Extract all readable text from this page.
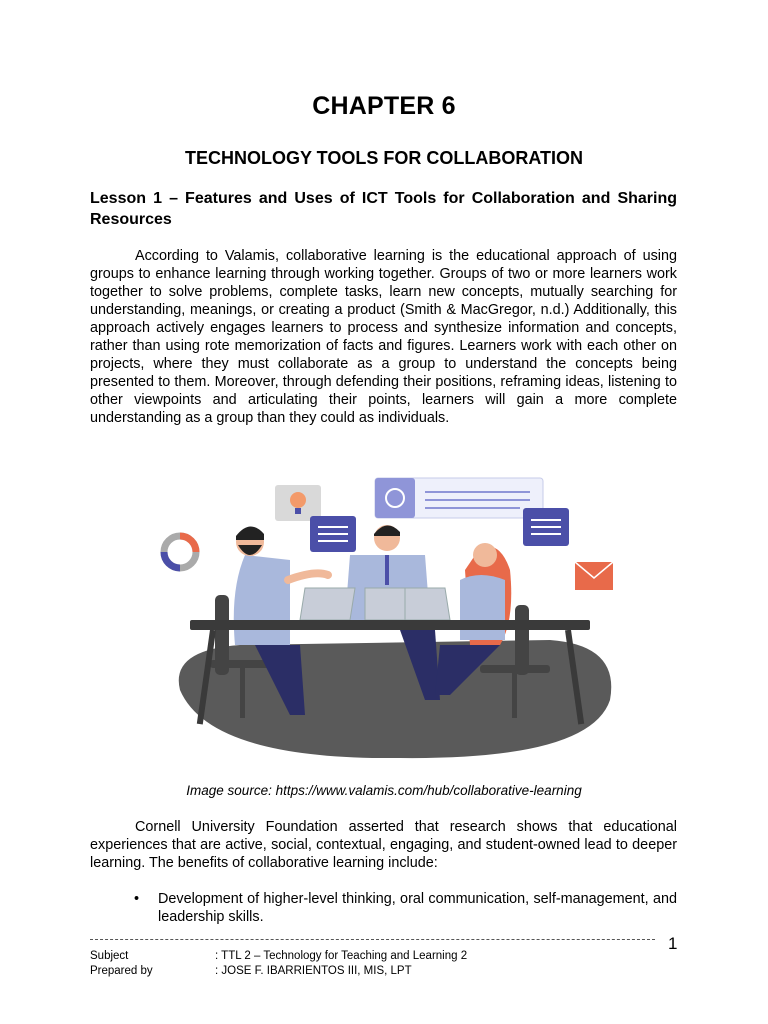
CHAPTER 6
TECHNOLOGY TOOLS FOR COLLABORATION
Lesson 1 – Features and Uses of ICT Tools for Collaboration and Sharing Resources

According to Valamis, collaborative learning is the educational approach of using groups to enhance learning through working together. Groups of two or more learners work together to solve problems, complete tasks, learn new concepts, mutually searching for understanding, meanings, or creating a product (Smith & MacGregor, n.d.) Additionally, this approach actively engages learners to process and synthesize information and concepts, rather than using rote memorization of facts and figures. Learners work with each other on projects, where they must collaborate as a group to understand the concepts being presented to them. Moreover, through defending their positions, reframing ideas, listening to other viewpoints and articulating their points, learners will gain a more complete understanding as a group than they could as individuals.

Image source: https://www.valamis.com/hub/collaborative-learning

Cornell University Foundation asserted that research shows that educational experiences that are active, social, contextual, engaging, and student-owned lead to deeper learning. The benefits of collaborative learning include:

• Development of higher-level thinking, oral communication, self-management, and leadership skills.
1
Subject	: TTL 2 – Technology for Teaching and Learning 2
Prepared by	: JOSE F. IBARRIENTOS III, MIS, LPT
